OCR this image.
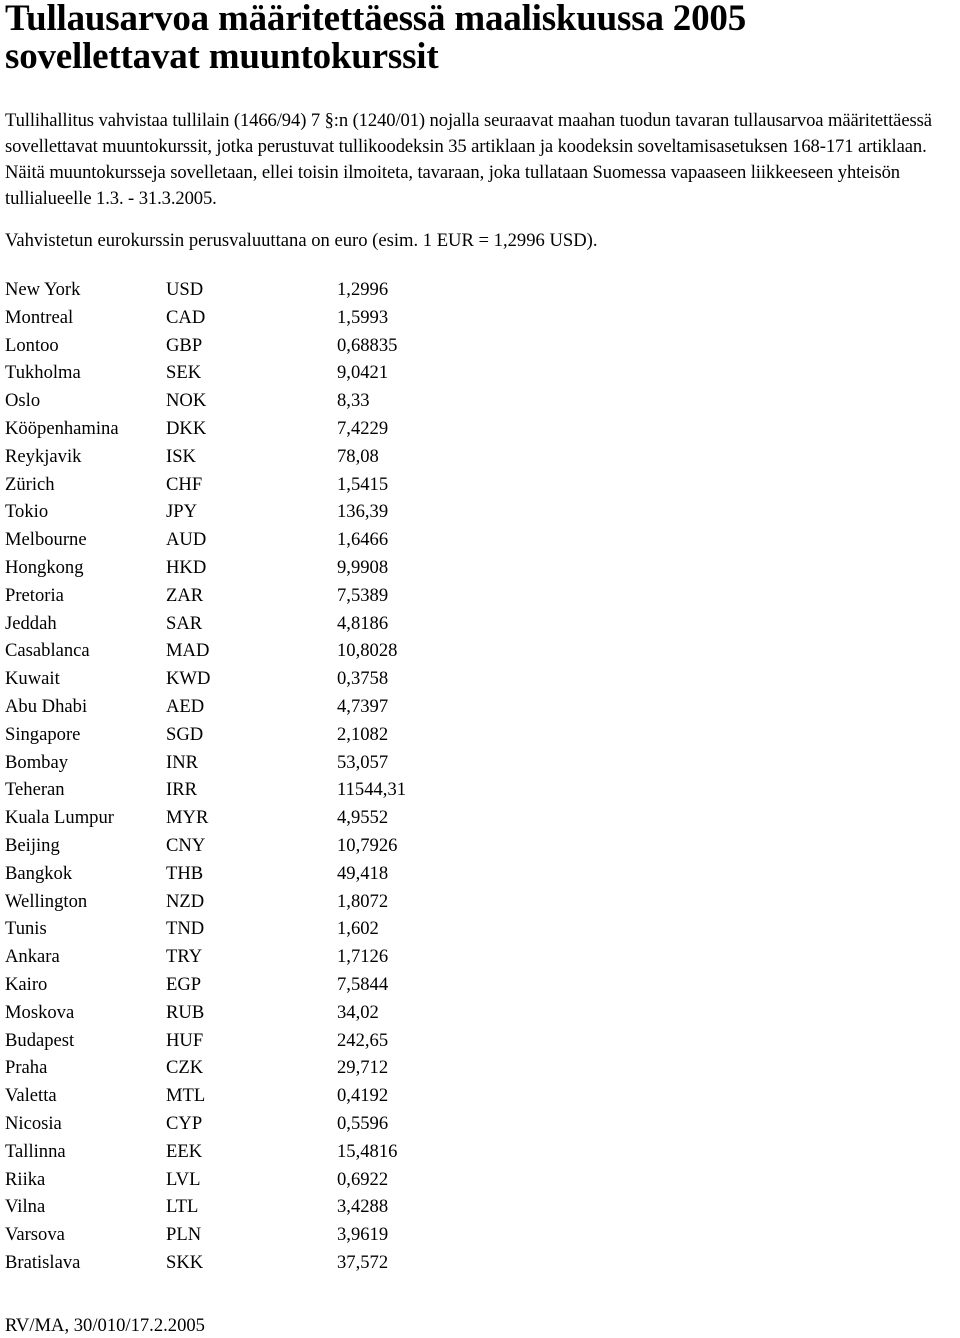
Tullausarvoa määritettäessä maaliskuussa 2005
sovellettavat muuntokurssit

Tullihallitus vahvistaa tullilain (1466/94) 7 §:n (1240/01) nojalla seuraavat maahan tuodun tavaran tullausarvoa määritettäessä sovellettavat muuntokurssit, jotka perustuvat tullikoodeksin 35 artiklaan ja koodeksin soveltamisasetuksen 168-171 artiklaan. Näitä muuntokursseja sovelletaan, ellei toisin ilmoiteta, tavaraan, joka tullataan Suomessa vapaaseen liikkeeseen yhteisön tullialueelle 1.3. - 31.3.2005.

Vahvistetun eurokurssin perusvaluuttana on euro (esim. 1 EUR = 1,2996 USD).

New York	USD	1,2996
Montreal	CAD	1,5993
Lontoo	GBP	0,68835
Tukholma	SEK	9,0421
Oslo	NOK	8,33
Kööpenhamina	DKK	7,4229
Reykjavik	ISK	78,08
Zürich	CHF	1,5415
Tokio	JPY	136,39
Melbourne	AUD	1,6466
Hongkong	HKD	9,9908
Pretoria	ZAR	7,5389
Jeddah	SAR	4,8186
Casablanca	MAD	10,8028
Kuwait	KWD	0,3758
Abu Dhabi	AED	4,7397
Singapore	SGD	2,1082
Bombay	INR	53,057
Teheran	IRR	11544,31
Kuala Lumpur	MYR	4,9552
Beijing	CNY	10,7926
Bangkok	THB	49,418
Wellington	NZD	1,8072
Tunis	TND	1,602
Ankara	TRY	1,7126
Kairo	EGP	7,5844
Moskova	RUB	34,02
Budapest	HUF	242,65
Praha	CZK	29,712
Valetta	MTL	0,4192
Nicosia	CYP	0,5596
Tallinna	EEK	15,4816
Riika	LVL	0,6922
Vilna	LTL	3,4288
Varsova	PLN	3,9619
Bratislava	SKK	37,572
RV/MA, 30/010/17.2.2005
